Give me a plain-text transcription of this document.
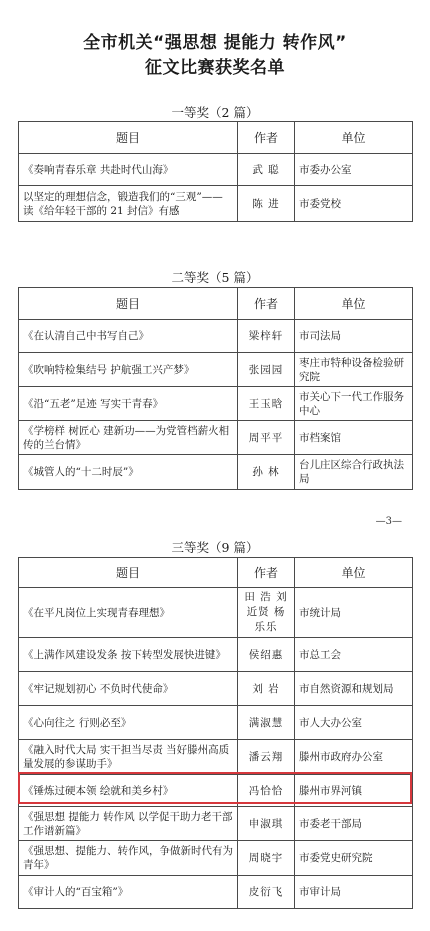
全市机关“强思想 提能力 转作风”
征文比赛获奖名单
一等奖（2 篇）
题目	作者	单位
《奏响青春乐章 共赴时代山海》	武 聪	市委办公室
以坚定的理想信念，锻造我们的“三观”——读《给年轻干部的 21 封信》有感	陈 进	市委党校
二等奖（5 篇）
题目	作者	单位
《在认清自己中书写自己》	梁梓轩	市司法局
《吹响特检集结号 护航强工兴产梦》	张园园	枣庄市特种设备检验研究院
《沿“五老”足迹 写实干青春》	王玉晗	市关心下一代工作服务中心
《学榜样 树匠心 建新功——为党管档薪火相传的兰台情》	周平平	市档案馆
《城管人的“十二时辰”》	孙 林	台儿庄区综合行政执法局
—3—
三等奖（9 篇）
题目	作者	单位
《在平凡岗位上实现青春理想》	田 浩 刘近贤 杨乐乐	市统计局
《上满作风建设发条 按下转型发展快进键》	侯绍惠	市总工会
《牢记规划初心 不负时代使命》	刘 岩	市自然资源和规划局
《心向往之 行则必至》	满淑慧	市人大办公室
《融入时代大局 实干担当尽责 当好滕州高质量发展的参谋助手》	潘云翔	滕州市政府办公室
《锤炼过硬本领 绘就和美乡村》	冯恰恰	滕州市界河镇
《强思想 提能力 转作风 以学促干助力老干部工作谱新篇》	申淑琪	市委老干部局
《强思想、提能力、转作风，争做新时代有为青年》	周晓宇	市委党史研究院
《审计人的“百宝箱”》	皮衍飞	市审计局
